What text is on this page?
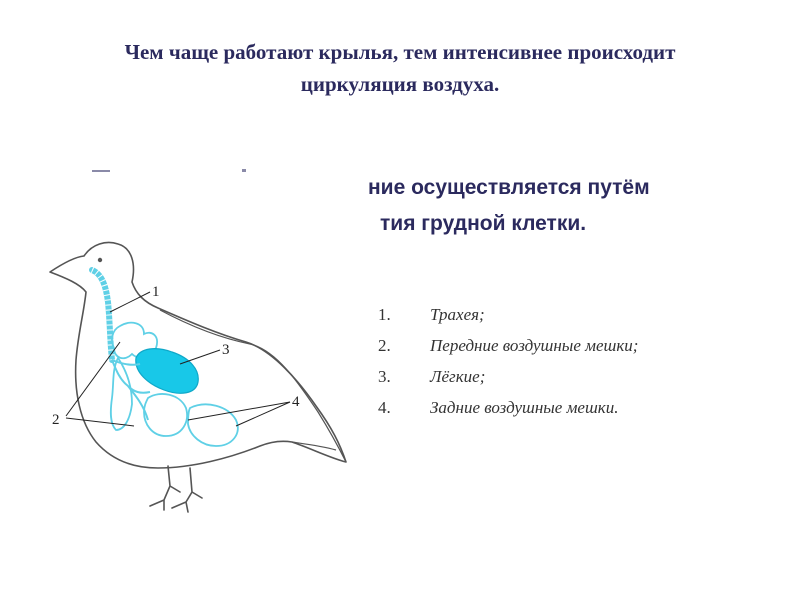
Чем чаще работают крылья, тем интенсивнее происходит
циркуляция воздуха.
ние осуществляется путём
тия грудной клетки.
1
3
2
4
1.	Трахея;
2.	Передние воздушные мешки;
3.	Лёгкие;
4.	Задние воздушные мешки.
